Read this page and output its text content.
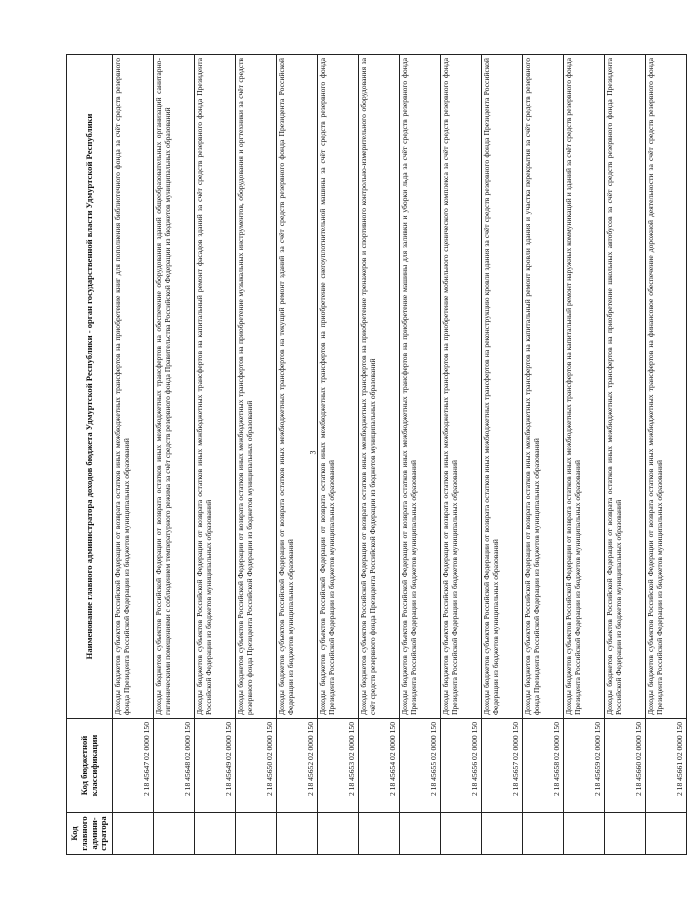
3
Код главного админи-стратора	Код бюджетной классификации	Наименование главного администратора доходов бюджета Удмуртской Республики - орган государственной власти Удмуртской Республики
	2 18 45647 02 0000 150	Доходы бюджетов субъектов Российской Федерации от возврата остатков иных межбюджетных трансфертов на приобретение книг для пополнения библиотечного фонда за счёт средств резервного фонда Президента Российской Федерации из бюджетов муниципальных образований
	2 18 45648 02 0000 150	Доходы бюджетов субъектов Российской Федерации от возврата остатков иных межбюджетных трансфертов на обеспечение оборудования зданий общеобразовательных организаций санитарно-гигиеническими помещениями с соблюдением температурного режима за счёт средств резервного фонда Правительства Российской Федерации из бюджетов муниципальных образований
	2 18 45649 02 0000 150	Доходы бюджетов субъектов Российской Федерации от возврата остатков иных межбюджетных трансфертов на капитальный ремонт фасадов зданий за счёт средств резервного фонда Президента Российской Федерации из бюджетов муниципальных образований
	2 18 45650 02 0000 150	Доходы бюджетов субъектов Российской Федерации от возврата остатков иных межбюджетных трансфертов на приобретение музыкальных инструментов, оборудования и оргтехники за счёт средств резервного фонда Президента Российской Федерации из бюджетов муниципальных образований
	2 18 45652 02 0000 150	Доходы бюджетов субъектов Российской Федерации от возврата остатков иных межбюджетных трансфертов на текущий ремонт зданий за счёт средств резервного фонда Президента Российской Федерации из бюджетов муниципальных образований
	2 18 45653 02 0000 150	Доходы бюджетов субъектов Российской Федерации от возврата остатков иных межбюджетных трансфертов на приобретение снегоуплотнительной машины за счёт средств резервного фонда Президента Российской Федерации из бюджетов муниципальных образований
	2 18 45654 02 0000 150	Доходы бюджетов субъектов Российской Федерации от возврата остатков иных межбюджетных трансфертов на приобретение тренажеров и спортивного контрольно-измерительного оборудования за счёт средств резервного фонда Президента Российской Федерации из бюджетов муниципальных образований
	2 18 45655 02 0000 150	Доходы бюджетов субъектов Российской Федерации от возврата остатков иных межбюджетных трансфертов на приобретение машины для заливки и уборки льда за счёт средств резервного фонда Президента Российской Федерации из бюджетов муниципальных образований
	2 18 45656 02 0000 150	Доходы бюджетов субъектов Российской Федерации от возврата остатков иных межбюджетных трансфертов на приобретение мобильного сценического комплекса за счёт средств резервного фонда Президента Российской Федерации из бюджетов муниципальных образований
	2 18 45657 02 0000 150	Доходы бюджетов субъектов Российской Федерации от возврата остатков иных межбюджетных трансфертов на реконструкцию кровли здания за счёт средств резервного фонда Президента Российской Федерации из бюджетов муниципальных образований
	2 18 45658 02 0000 150	Доходы бюджетов субъектов Российской Федерации от возврата остатков иных межбюджетных трансфертов на капитальный ремонт кровли здания и участка перекрытия за счёт средств резервного фонда Президента Российской Федерации из бюджетов муниципальных образований
	2 18 45659 02 0000 150	Доходы бюджетов субъектов Российской Федерации от возврата остатков иных межбюджетных трансфертов на капитальный ремонт наружных коммуникаций и зданий за счёт средств резервного фонда Президента Российской Федерации из бюджетов муниципальных образований
	2 18 45660 02 0000 150	Доходы бюджетов субъектов Российской Федерации от возврата остатков иных межбюджетных трансфертов на приобретение школьных автобусов за счёт средств резервного фонда Президента Российской Федерации из бюджетов муниципальных образований
	2 18 45661 02 0000 150	Доходы бюджетов субъектов Российской Федерации от возврата остатков иных межбюджетных трансфертов на финансовое обеспечение дорожной деятельности за счёт средств резервного фонда Президента Российской Федерации из бюджетов муниципальных образований
